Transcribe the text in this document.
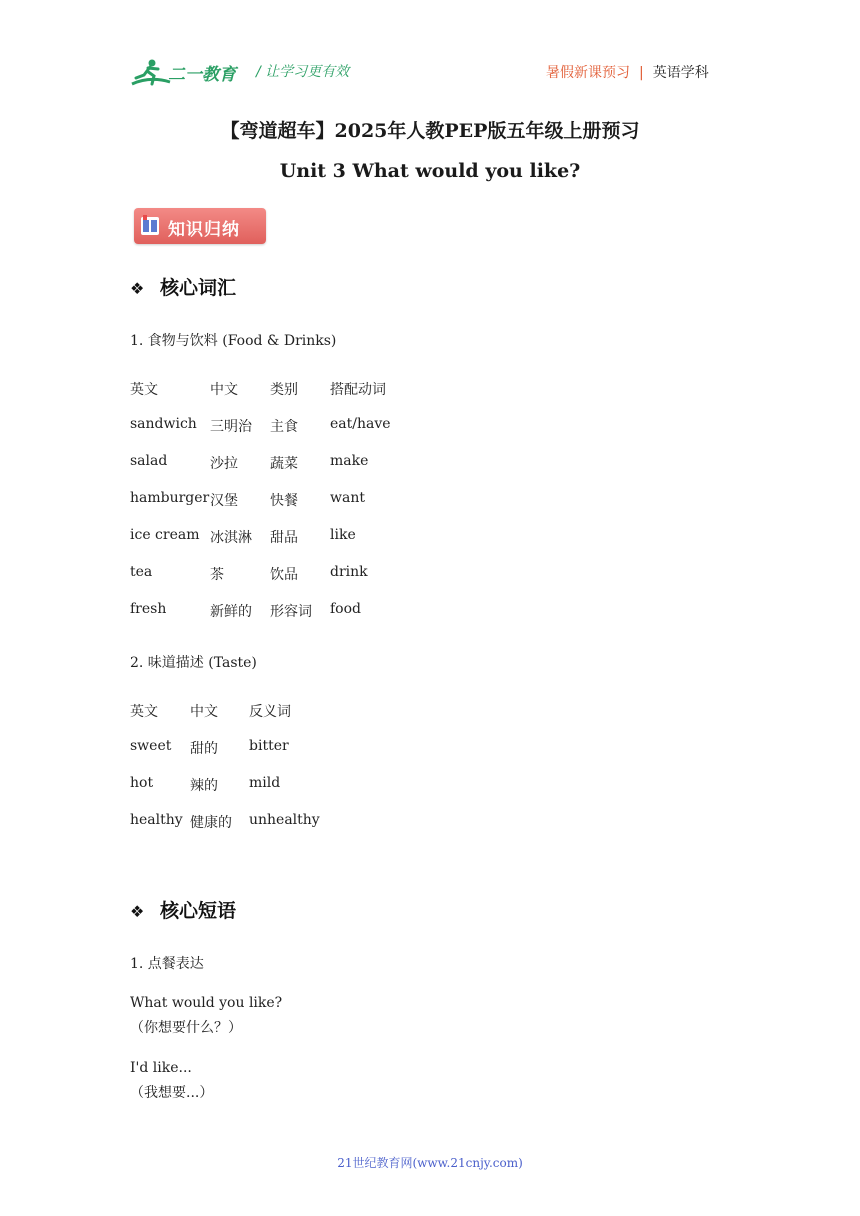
二一教育 / 让学习更有效	暑假新课预习 | 英语学科
【弯道超车】2025年人教PEP版五年级上册预习
Unit 3 What would you like?
知识归纳
❖ 核心词汇
1. 食物与饮料 (Food & Drinks)
英文	中文 类别 搭配动词
sandwich 三明治 主食 eat/have
salad	沙拉 蔬菜 make
hamburger 汉堡 快餐 want
ice cream 冰淇淋 甜品 like
tea	茶	饮品 drink
fresh	新鲜的 形容词 food
2. 味道描述 (Taste)
英文 中文 反义词
sweet 甜的 bitter
hot	辣的 mild
healthy 健康的 unhealthy
❖ 核心短语
1. 点餐表达
What would you like?
（你想要什么？）
I'd like...
（我想要...）
21世纪教育网(www.21cnjy.com)
